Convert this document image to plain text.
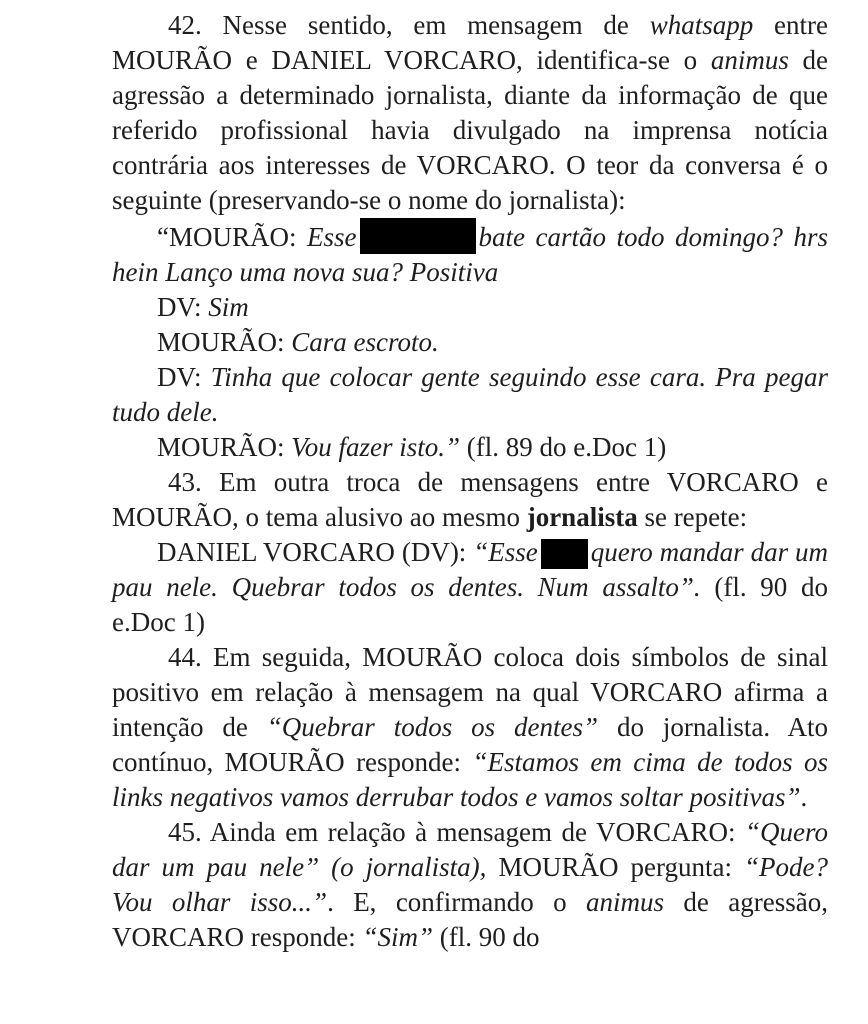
42. Nesse sentido, em mensagem de whatsapp entre MOURÃO e DANIEL VORCARO, identifica-se o animus de agressão a determinado jornalista, diante da informação de que referido profissional havia divulgado na imprensa notícia contrária aos interesses de VORCARO. O teor da conversa é o seguinte (preservando-se o nome do jornalista):

“MOURÃO: Esse	bate cartão todo domingo? hrs hein Lanço uma nova sua? Positiva

DV: Sim

MOURÃO: Cara escroto.

DV: Tinha que colocar gente seguindo esse cara. Pra pegar tudo dele.

MOURÃO: Vou fazer isto.” (fl. 89 do e.Doc 1)

43. Em outra troca de mensagens entre VORCARO e MOURÃO, o tema alusivo ao mesmo jornalista se repete:

DANIEL VORCARO (DV): “Esse quero mandar dar um pau nele. Quebrar todos os dentes. Num assalto”. (fl. 90 do e.Doc 1)

44. Em seguida, MOURÃO coloca dois símbolos de sinal positivo em relação à mensagem na qual VORCARO afirma a intenção de “Quebrar todos os dentes” do jornalista. Ato contínuo, MOURÃO responde: “Estamos em cima de todos os links negativos vamos derrubar todos e vamos soltar positivas”.

45. Ainda em relação à mensagem de VORCARO: “Quero dar um pau nele” (o jornalista), MOURÃO pergunta: “Pode? Vou olhar isso...”. E, confirmando o animus de agressão, VORCARO responde: “Sim” (fl. 90 do
